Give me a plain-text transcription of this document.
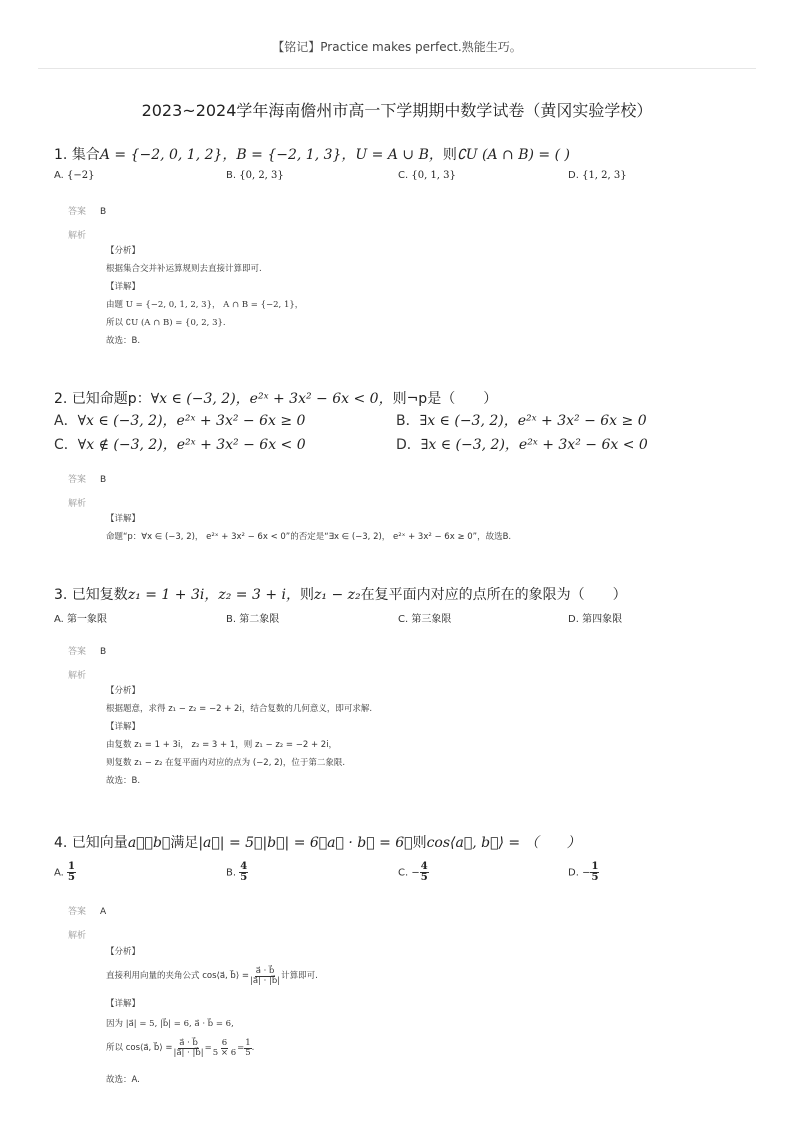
【铭记】Practice makes perfect.熟能生巧。
2023~2024学年海南儋州市高一下学期期中数学试卷（黄冈实验学校）
1. 集合A = {−2, 0, 1, 2}，B = {−2, 1, 3}，U = A ∪ B，则∁U (A ∩ B) = ( )
A. {−2}	B. {0, 2, 3}	C. {0, 1, 3}	D. {1, 2, 3}
答案 B
解析
【分析】
根据集合交并补运算规则去直接计算即可.
【详解】
由题 U = {−2, 0, 1, 2, 3}， A ∩ B = {−2, 1}，
所以 ∁U (A ∩ B) = {0, 2, 3}.
故选：B.
2. 已知命题p：∀x ∈ (−3, 2)，e²ˣ + 3x² − 6x < 0，则¬p是（　　）
A．∀x ∈ (−3, 2)，e²ˣ + 3x² − 6x ≥ 0	B．∃x ∈ (−3, 2)，e²ˣ + 3x² − 6x ≥ 0
C．∀x ∉ (−3, 2)，e²ˣ + 3x² − 6x < 0	D．∃x ∈ (−3, 2)，e²ˣ + 3x² − 6x < 0
答案 B
解析
【详解】
命题“p：∀x ∈ (−3, 2)， e²ˣ + 3x² − 6x < 0”的否定是“∃x ∈ (−3, 2)， e²ˣ + 3x² − 6x ≥ 0”，故选B.
3. 已知复数z₁ = 1 + 3i，z₂ = 3 + i，则z₁ − z₂在复平面内对应的点所在的象限为（　　）
A. 第一象限	B. 第二象限	C. 第三象限	D. 第四象限
答案 B
解析
【分析】
根据题意，求得 z₁ − z₂ = −2 + 2i，结合复数的几何意义，即可求解.
【详解】
由复数 z₁ = 1 + 3i， z₂ = 3 + 1，则 z₁ − z₂ = −2 + 2i，
则复数 z₁ − z₂ 在复平面内对应的点为 (−2, 2)，位于第二象限.
故选：B.
4. 已知向量a⃗，b⃗满足|a⃗| = 5，|b⃗| = 6，a⃗ · b⃗ = 6，则cos⟨a⃗, b⃗⟩ = （　　）
A. $\frac{1}{5}$	B. $\frac{4}{5}$	C. − $\frac{4}{5}$	D. − $\frac{1}{5}$
答案 A
解析
【分析】
直接利用向量的夹角公式 cos⟨a⃗, b⃗⟩ = $\frac{a⃗ \cdot b⃗}{|a⃗| \cdot |b⃗|}$ 计算即可.
【详解】
因为 |a⃗| = 5, |b⃗| = 6, a⃗ · b⃗ = 6,
所以 cos⟨a⃗, b⃗⟩ = $\frac{a⃗ \cdot b⃗}{|a⃗| \cdot |b⃗|} = \frac{6}{5 \times 6} = \frac{1}{5}$ .
故选：A.
